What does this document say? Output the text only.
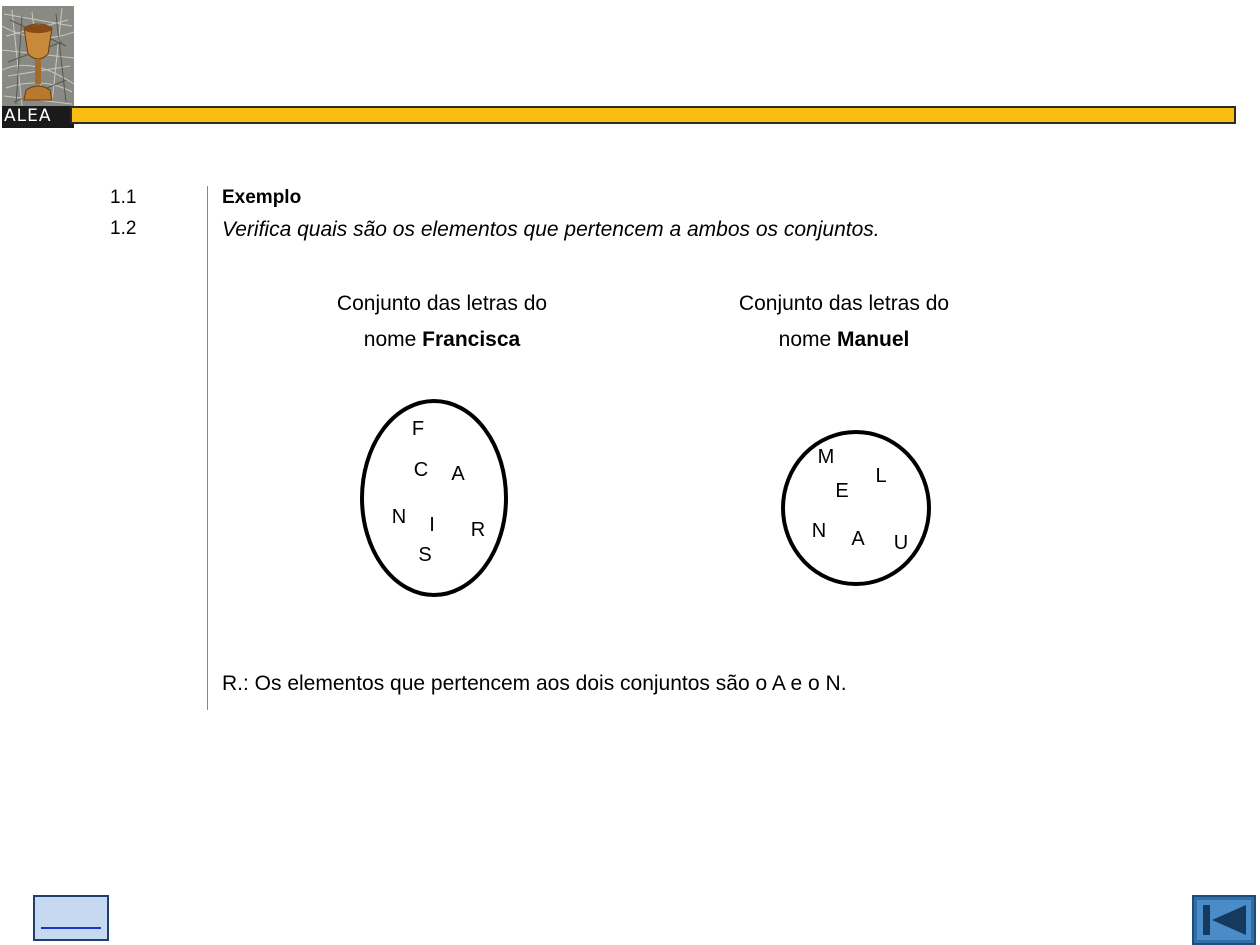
ALEA
1.1
1.2
Exemplo
Verifica quais são os elementos que pertencem a ambos os conjuntos.
Conjunto das letras do
nome Francisca
Conjunto das letras do
nome Manuel
F
C A
N I R
S
M
L
E
N A U
R.: Os elementos que pertencem aos dois conjuntos são o A e o N.
